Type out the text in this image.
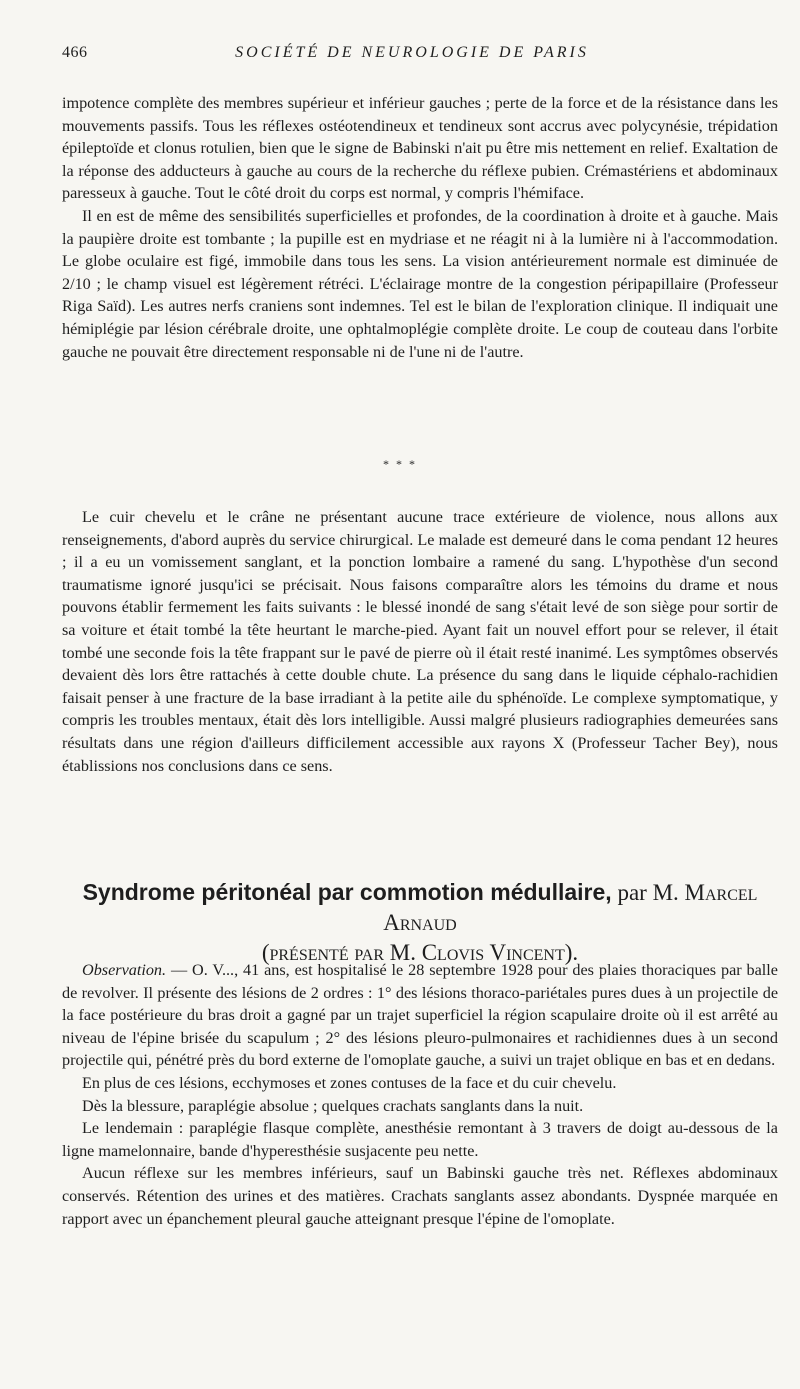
466	SOCIÉTÉ DE NEUROLOGIE DE PARIS

impotence complète des membres supérieur et inférieur gauches ; perte de la force et de la résistance dans les mouvements passifs. Tous les réflexes ostéotendineux et tendineux sont accrus avec polycynésie, trépidation épileptoïde et clonus rotulien, bien que le signe de Babinski n'ait pu être mis nettement en relief. Exaltation de la réponse des adducteurs à gauche au cours de la recherche du réflexe pubien. Crémastériens et abdominaux paresseux à gauche. Tout le côté droit du corps est normal, y compris l'hémiface.

Il en est de même des sensibilités superficielles et profondes, de la coordination à droite et à gauche. Mais la paupière droite est tombante ; la pupille est en mydriase et ne réagit ni à la lumière ni à l'accommodation. Le globe oculaire est figé, immobile dans tous les sens. La vision antérieurement normale est diminuée de 2/10 ; le champ visuel est légèrement rétréci. L'éclairage montre de la congestion péripapillaire (Professeur Riga Saïd). Les autres nerfs craniens sont indemnes. Tel est le bilan de l'exploration clinique. Il indiquait une hémiplégie par lésion cérébrale droite, une ophtalmoplégie complète droite. Le coup de couteau dans l'orbite gauche ne pouvait être directement responsable ni de l'une ni de l'autre.

* * *

Le cuir chevelu et le crâne ne présentant aucune trace extérieure de violence, nous allons aux renseignements, d'abord auprès du service chirurgical. Le malade est demeuré dans le coma pendant 12 heures ; il a eu un vomissement sanglant, et la ponction lombaire a ramené du sang. L'hypothèse d'un second traumatisme ignoré jusqu'ici se précisait. Nous faisons comparaître alors les témoins du drame et nous pouvons établir fermement les faits suivants : le blessé inondé de sang s'était levé de son siège pour sortir de sa voiture et était tombé la tête heurtant le marche-pied. Ayant fait un nouvel effort pour se relever, il était tombé une seconde fois la tête frappant sur le pavé de pierre où il était resté inanimé. Les symptômes observés devaient dès lors être rattachés à cette double chute. La présence du sang dans le liquide céphalo-rachidien faisait penser à une fracture de la base irradiant à la petite aile du sphénoïde. Le complexe symptomatique, y compris les troubles mentaux, était dès lors intelligible. Aussi malgré plusieurs radiographies demeurées sans résultats dans une région d'ailleurs difficilement accessible aux rayons X (Professeur Tacher Bey), nous établissions nos conclusions dans ce sens.

Syndrome péritonéal par commotion médullaire, par M. Marcel Arnaud
(présenté par M. Clovis Vincent).

Observation. — O. V..., 41 ans, est hospitalisé le 28 septembre 1928 pour des plaies thoraciques par balle de revolver. Il présente des lésions de 2 ordres : 1° des lésions thoraco-pariétales pures dues à un projectile de la face postérieure du bras droit a gagné par un trajet superficiel la région scapulaire droite où il est arrêté au niveau de l'épine brisée du scapulum ; 2° des lésions pleuro-pulmonaires et rachidiennes dues à un second projectile qui, pénétré près du bord externe de l'omoplate gauche, a suivi un trajet oblique en bas et en dedans.

En plus de ces lésions, ecchymoses et zones contuses de la face et du cuir chevelu.

Dès la blessure, paraplégie absolue ; quelques crachats sanglants dans la nuit.

Le lendemain : paraplégie flasque complète, anesthésie remontant à 3 travers de doigt au-dessous de la ligne mamelonnaire, bande d'hyperesthésie susjacente peu nette.

Aucun réflexe sur les membres inférieurs, sauf un Babinski gauche très net. Réflexes abdominaux conservés. Rétention des urines et des matières. Crachats sanglants assez abondants. Dyspnée marquée en rapport avec un épanchement pleural gauche atteignant presque l'épine de l'omoplate.
